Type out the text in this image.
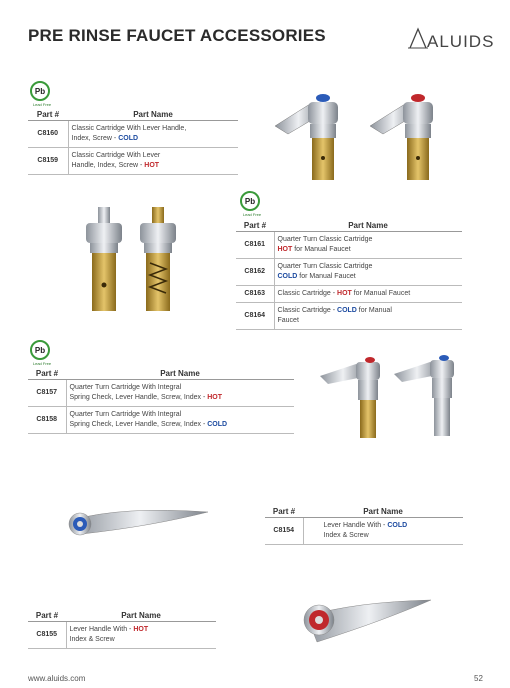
PRE RINSE FAUCET ACCESSORIES	ALUIDS
Pb
Lead Free
Pb
Lead Free
Pb
Lead Free
Part #	Part Name
C8160	Classic Cartridge With Lever Handle,
Index, Screw - COLD
C8159	Classic Cartridge With Lever
Handle, Index, Screw - HOT
Part #	Part Name
C8161	Quarter Turn Classic Cartridge
HOT for Manual Faucet
C8162	Quarter Turn Classic Cartridge
COLD for Manual Faucet
C8163	Classic Cartridge - HOT for Manual Faucet
C8164	Classic Cartridge - COLD for Manual
Faucet
Part #	Part Name
C8157	Quarter Turn Cartridge With Integral
Spring Check, Lever Handle, Screw, Index - HOT
C8158	Quarter Turn Cartridge With Integral
Spring Check, Lever Handle, Screw, Index - COLD
Part #	Part Name
C8154	Lever Handle With - COLD
Index & Screw
Part #	Part Name
C8155	Lever Handle With - HOT
Index & Screw
www.aluids.com	52
